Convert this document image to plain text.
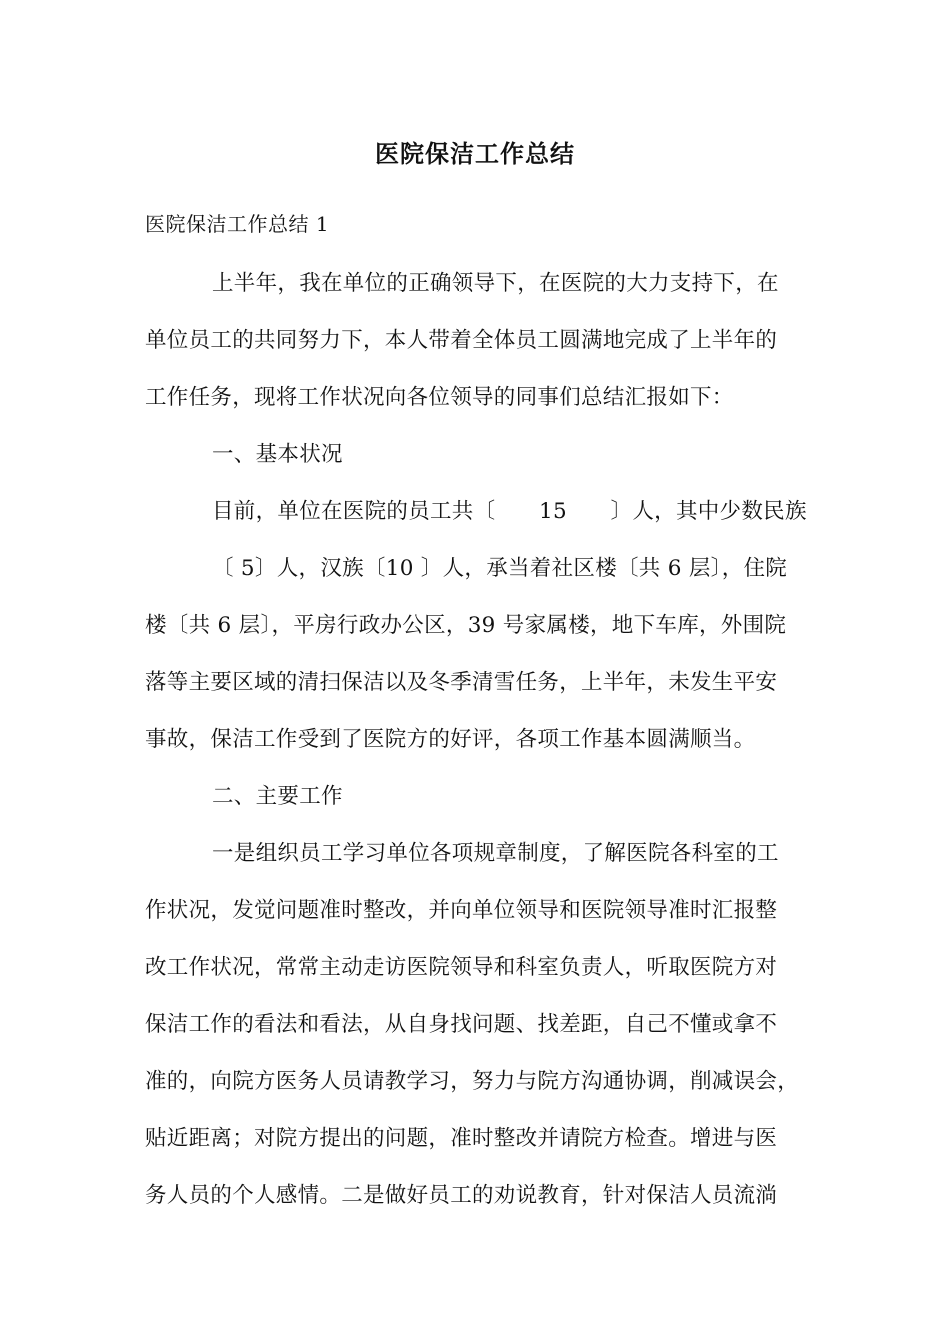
医院保洁工作总结
医院保洁工作总结 1
上半年，我在单位的正确领导下，在医院的大力支持下，在
单位员工的共同努力下，本人带着全体员工圆满地完成了上半年的
工作任务，现将工作状况向各位领导的同事们总结汇报如下：
一、基本状况
目前，单位在医院的员工共〔　　15　　〕人，其中少数民族
〔 5〕人，汉族〔10 〕人，承当着社区楼〔共 6 层〕，住院
楼〔共 6 层〕，平房行政办公区，39 号家属楼，地下车库，外围院
落等主要区域的清扫保洁以及冬季清雪任务，上半年，未发生平安
事故，保洁工作受到了医院方的好评，各项工作基本圆满顺当。
二、主要工作
一是组织员工学习单位各项规章制度，了解医院各科室的工
作状况，发觉问题准时整改，并向单位领导和医院领导准时汇报整
改工作状况，常常主动走访医院领导和科室负责人，听取医院方对
保洁工作的看法和看法，从自身找问题、找差距，自己不懂或拿不
准的，向院方医务人员请教学习，努力与院方沟通协调，削减误会，
贴近距离；对院方提出的问题，准时整改并请院方检查。增进与医
务人员的个人感情。二是做好员工的劝说教育，针对保洁人员流淌
